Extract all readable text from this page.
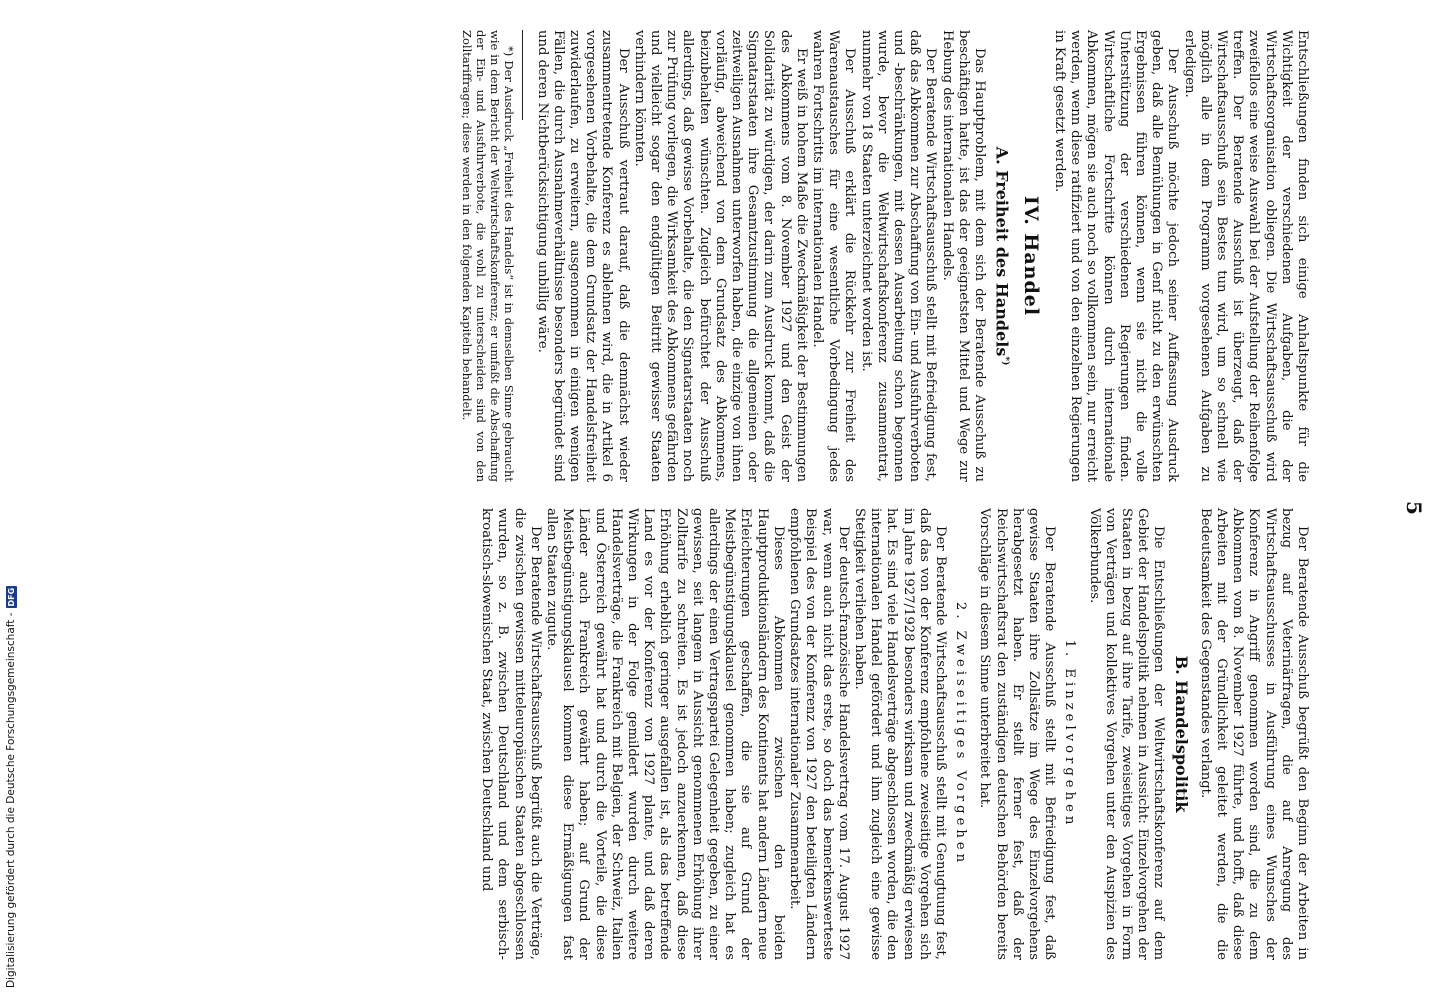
5

Entschließungen finden sich einige Anhaltspunkte für die Wichtigkeit der verschiedenen Aufgaben, die der Wirtschaftsorganisation obliegen. Die Wirtschaftsausschuß wird zweifellos eine weise Auswahl bei der Aufstellung der Reihenfolge treffen. Der Beratende Ausschuß ist überzeugt, daß der Wirtschaftsausschuß sein Bestes tun wird, um so schnell wie möglich alle in dem Programm vorgesehenen Aufgaben zu erledigen.

Der Ausschuß möchte jedoch seiner Auffassung Ausdruck geben, daß alle Bemühungen in Genf nicht zu den erwünschten Ergebnissen führen können, wenn sie nicht die volle Unterstützung der verschiedenen Regierungen finden. Wirtschaftliche Fortschritte können durch internationale Abkommen, mögen sie auch noch so vollkommen sein, nur erreicht werden, wenn diese ratifiziert und von den einzelnen Regierungen in Kraft gesetzt werden.

IV. Handel
A. Freiheit des Handels*)

Das Hauptproblem, mit dem sich der Beratende Ausschuß zu beschäftigen hatte, ist das der geeignetsten Mittel und Wege zur Hebung des internationalen Handels.

Der Beratende Wirtschaftsausschuß stellt mit Befriedigung fest, daß das Abkommen zur Abschaffung von Ein- und Ausfuhrverboten und -beschränkungen, mit dessen Ausarbeitung schon begonnen wurde, bevor die Weltwirtschaftskonferenz zusammentrat, nunmehr von 18 Staaten unterzeichnet worden ist.

Der Ausschuß erklärt die Rückkehr zur Freiheit des Warenaustausches für eine wesentliche Vorbedingung jedes wahren Fortschritts im internationalen Handel.

Er weiß in hohem Maße die Zweckmäßigkeit der Bestimmungen des Abkommens vom 8. November 1927 und den Geist der Solidarität zu würdigen, der darin zum Ausdruck kommt, daß die Signatarstaaten ihre Gesamtzustimmung die allgemeinen oder zeitweiligen Ausnahmen unterworfen haben, die einzige von ihnen vorläufig, abweichend von dem Grundsatz des Abkommens, beizubehalten wünschten. Zugleich befürchtet der Ausschuß allerdings, daß gewisse Vorbehalte, die den Signatarstaaten noch zur Prüfung vorliegen, die Wirksamkeit des Abkommens gefährden und vielleicht sogar den endgültigen Beitritt gewisser Staaten verhindern könnten.

Der Ausschuß vertraut darauf, daß die demnächst wieder zusammentretende Konferenz es ablehnen wird, die in Artikel 6 vorgesehenen Vorbehalte, die dem Grundsatz der Handelsfreiheit zuwiderlaufen, zu erweitern, ausgenommen in einigen wenigen Fällen, die durch Ausnahmeverhältnisse besonders begründet sind und deren Nichtberücksichtigung unbillig wäre.

*) Der Ausdruck „Freiheit des Handels“ ist in demselben Sinne gebraucht wie in dem Bericht der Weltwirtschaftskonferenz; er umfaßt die Abschaffung der Ein- und Ausfuhrverbote, die wohl zu unterscheiden sind von den Zolltariffragen; diese werden in den folgenden Kapiteln behandelt.

Der Beratende Ausschuß begrüßt den Beginn der Arbeiten in bezug auf Veterinärfragen, die auf Anregung des Wirtschaftsausschusses in Ausführung eines Wunsches der Konferenz in Angriff genommen worden sind, die zu dem Abkommen vom 8. November 1927 führte, und hofft, daß diese Arbeiten mit der Gründlichkeit geleitet werden, die die Bedeutsamkeit des Gegenstandes verlangt.

B. Handelspolitik

Die Entschließungen der Weltwirtschaftskonferenz auf dem Gebiet der Handelspolitik nehmen in Aussicht: Einzelvorgehen der Staaten in bezug auf ihre Tarife, zweiseitiges Vorgehen in Form von Verträgen und kollektives Vorgehen unter den Auspizien des Völkerbundes.

1. Einzelvorgehen

Der Beratende Ausschuß stellt mit Befriedigung fest, daß gewisse Staaten ihre Zollsätze im Wege des Einzelvorgehens herabgesetzt haben. Er stellt ferner fest, daß der Reichswirtschaftsrat den zuständigen deutschen Behörden bereits Vorschläge in diesem Sinne unterbreitet hat.

2. Zweiseitiges Vorgehen

Der Beratende Wirtschaftsausschuß stellt mit Genugtuung fest, daß das von der Konferenz empfohlene zweiseitige Vorgehen sich im Jahre 1927/1928 besonders wirksam und zweckmäßig erwiesen hat. Es sind viele Handelsverträge abgeschlossen worden, die den internationalen Handel gefördert und ihm zugleich eine gewisse Stetigkeit verliehen haben.

Der deutsch-französische Handelsvertrag vom 17. August 1927 war, wenn auch nicht das erste, so doch das bemerkenswerteste Beispiel des von der Konferenz von 1927 den beteiligten Ländern empfohlenen Grundsatzes internationaler Zusammenarbeit.

Dieses Abkommen zwischen den beiden Hauptproduktionsländern des Kontinents hat andern Ländern neue Erleichterungen geschaffen, die sie auf Grund der Meistbegünstigungsklausel genommen haben; zugleich hat es allerdings der einen Vertragspartei Gelegenheit gegeben, zu einer gewissen, seit langem in Aussicht genommenen Erhöhung ihrer Zolltarife zu schreiten. Es ist jedoch anzuerkennen, daß diese Erhöhung erheblich geringer ausgefallen ist, als das betreffende Land es vor der Konferenz von 1927 plante, und daß deren Wirkungen in der Folge gemildert wurden durch weitere Handelsverträge, die Frankreich mit Belgien, der Schweiz, Italien und Österreich gewährt hat und durch die Vorteile, die diese Länder auch Frankreich gewährt haben; auf Grund der Meistbegünstigungsklausel kommen diese Ermäßigungen fast allen Staaten zugute.

Der Beratende Wirtschaftsausschuß begrüßt auch die Verträge, die zwischen gewissen mitteleuropäischen Staaten abgeschlossen wurden, so z. B. zwischen Deutschland und dem serbisch-kroatisch-slowenischen Staat, zwischen Deutschland und

Digitalisierung gefördert durch die Deutsche Forschungsgemeinschaft -
DFG
